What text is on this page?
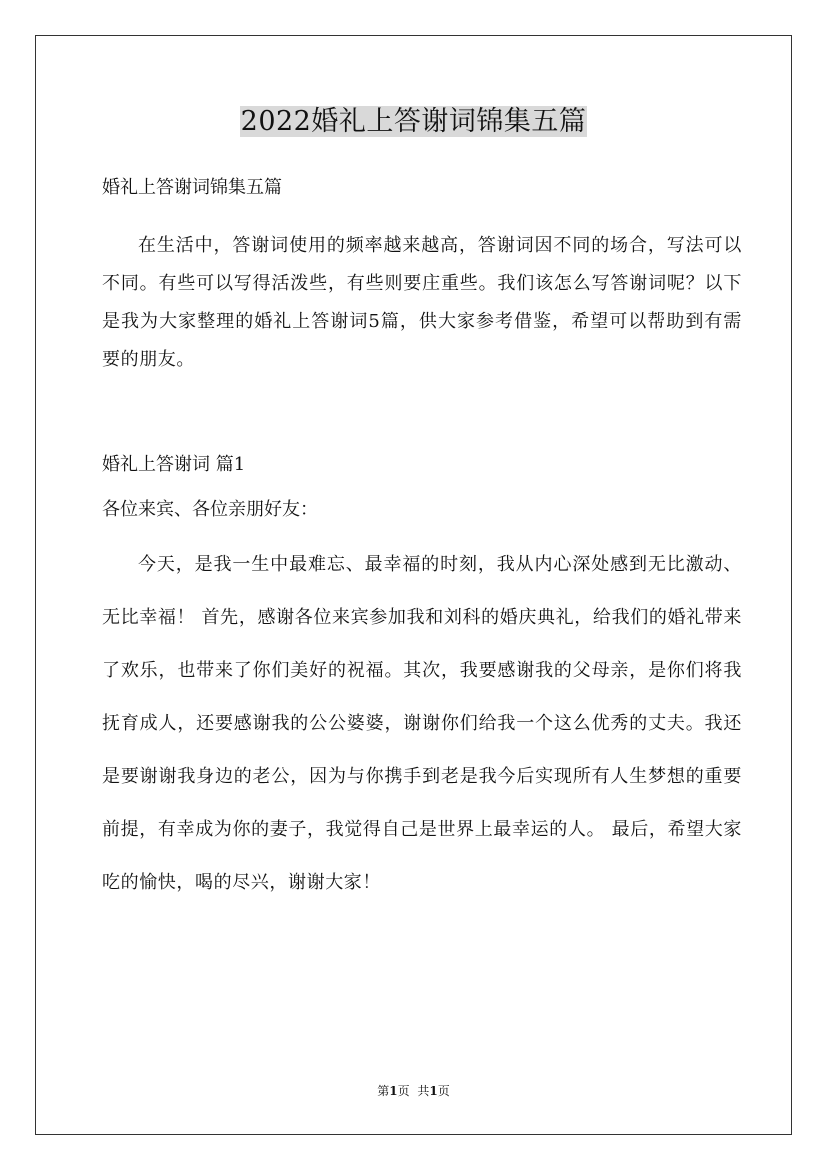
2022婚礼上答谢词锦集五篇

婚礼上答谢词锦集五篇

在生活中，答谢词使用的频率越来越高，答谢词因不同的场合，写法可以不同。有些可以写得活泼些，有些则要庄重些。我们该怎么写答谢词呢？以下是我为大家整理的婚礼上答谢词5篇，供大家参考借鉴，希望可以帮助到有需要的朋友。

婚礼上答谢词 篇1

各位来宾、各位亲朋好友：

今天，是我一生中最难忘、最幸福的时刻，我从内心深处感到无比激动、无比幸福！ 首先，感谢各位来宾参加我和刘科的婚庆典礼，给我们的婚礼带来了欢乐，也带来了你们美好的祝福。其次，我要感谢我的父母亲，是你们将我抚育成人，还要感谢我的公公婆婆，谢谢你们给我一个这么优秀的丈夫。我还是要谢谢我身边的老公，因为与你携手到老是我今后实现所有人生梦想的重要前提，有幸成为你的妻子，我觉得自己是世界上最幸运的人。 最后，希望大家吃的愉快，喝的尽兴，谢谢大家！

第1页 共1页
